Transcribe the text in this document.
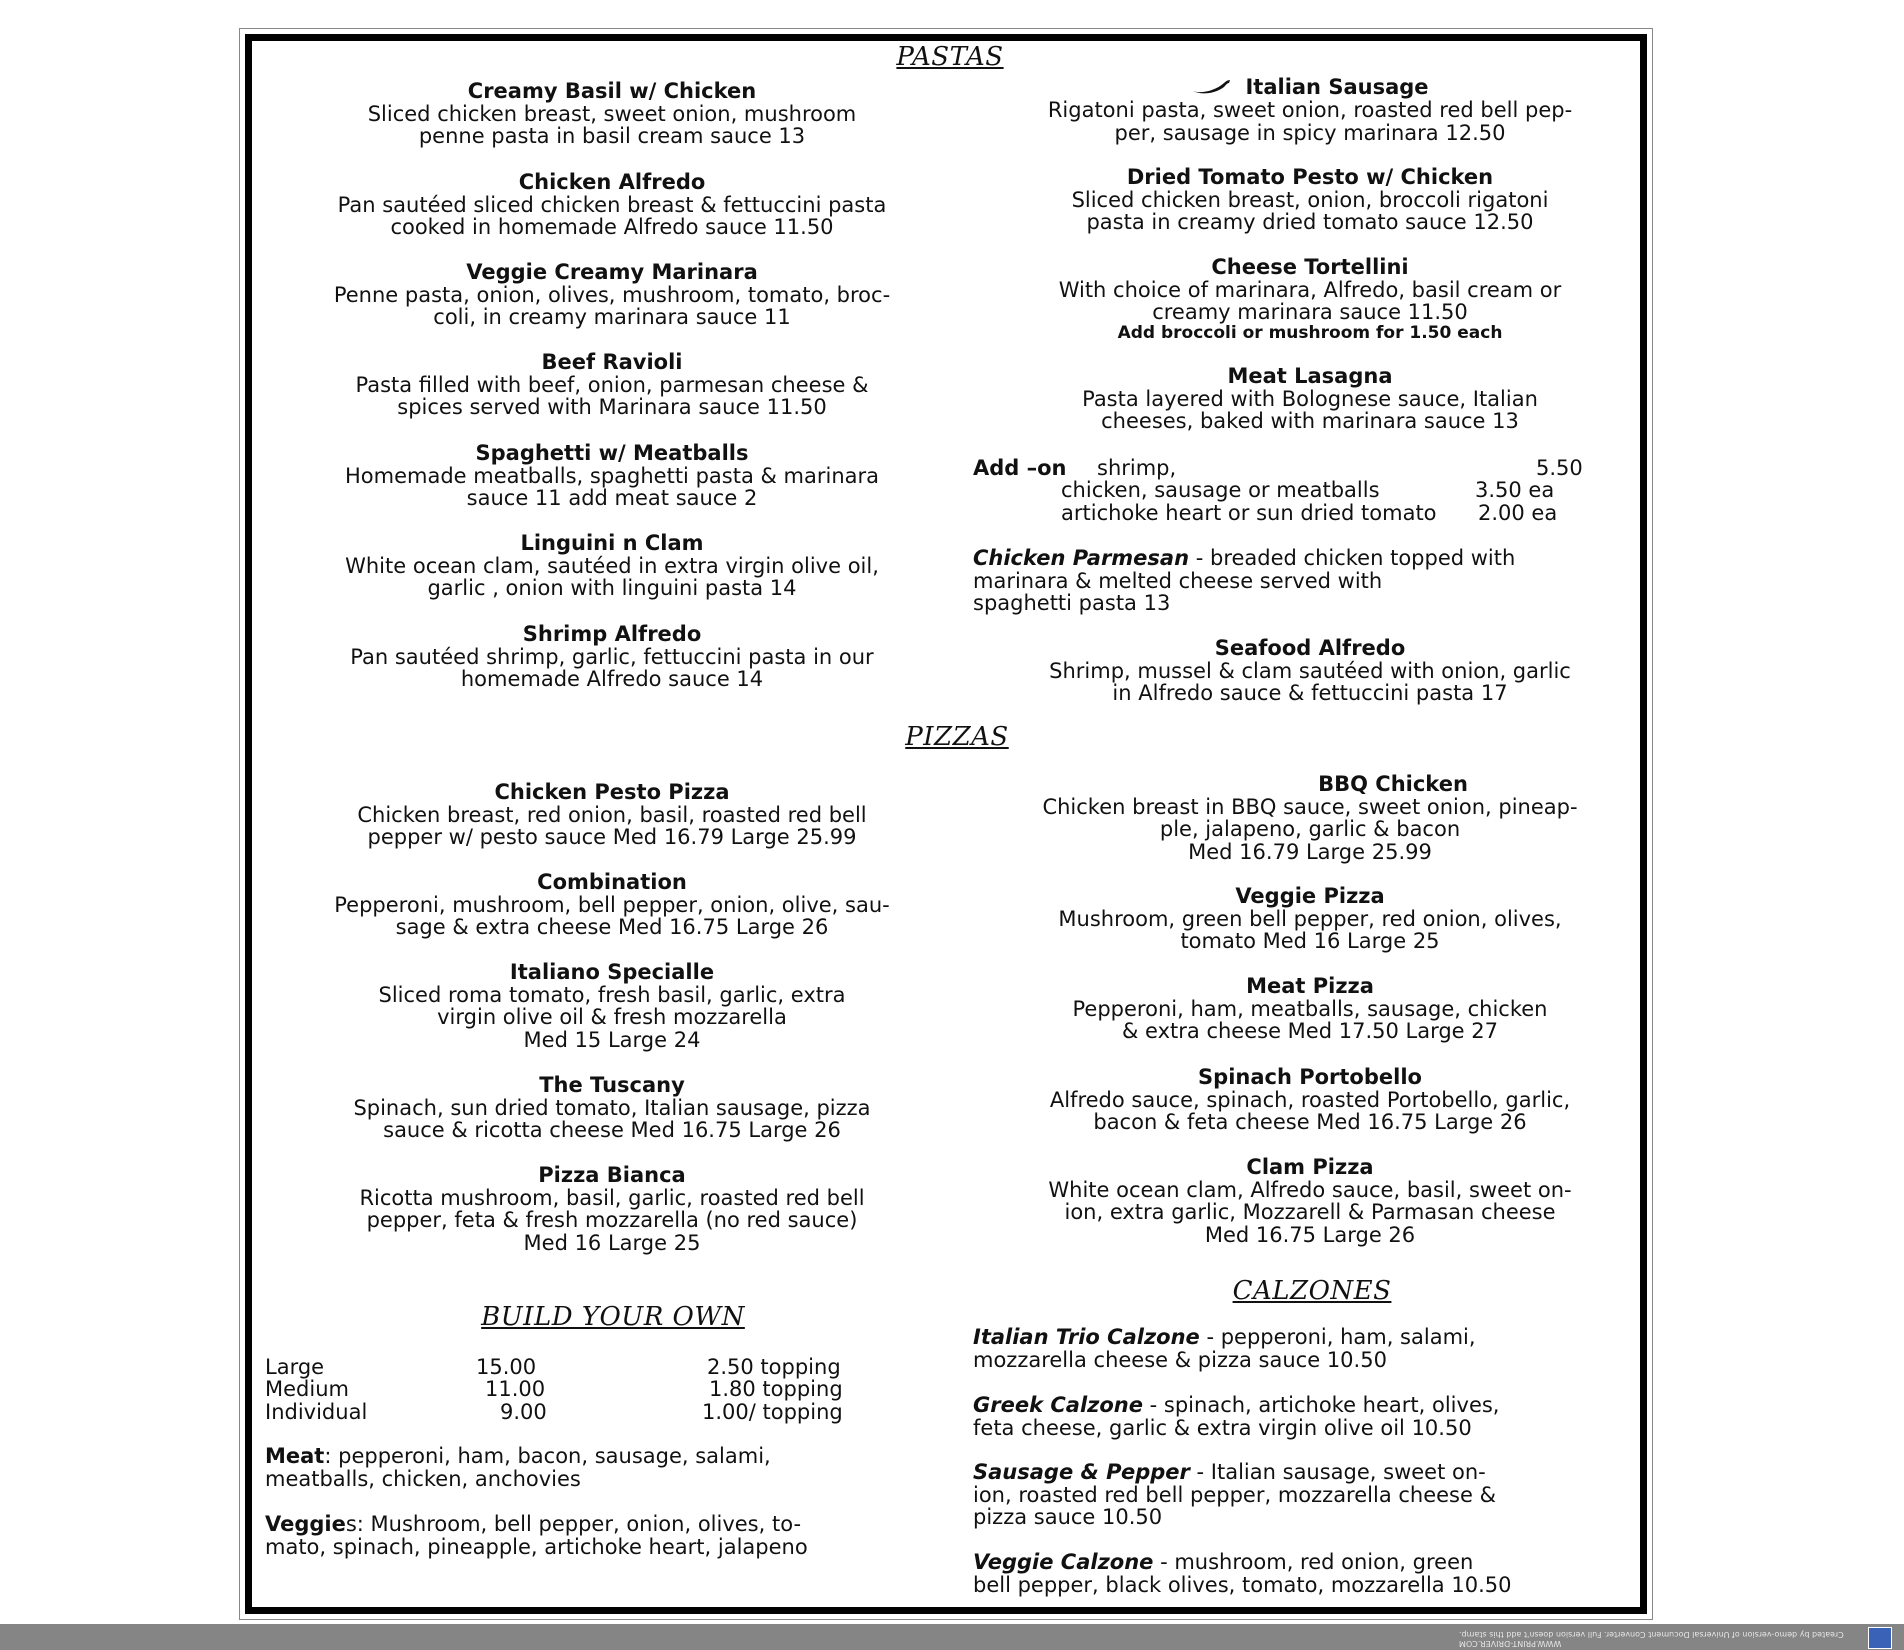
PASTAS
PIZZAS
CALZONES
BUILD YOUR OWN
Creamy Basil w/ Chicken
Sliced chicken breast, sweet onion, mushroom
penne pasta in basil cream sauce 13
Chicken Alfredo
Pan sautéed sliced chicken breast & fettuccini pasta
cooked in homemade Alfredo sauce 11.50
Veggie Creamy Marinara
Penne pasta, onion, olives, mushroom, tomato, broc-
coli, in creamy marinara sauce 11
Beef Ravioli
Pasta filled with beef, onion, parmesan cheese &
spices served with Marinara sauce 11.50
Spaghetti w/ Meatballs
Homemade meatballs, spaghetti pasta & marinara
sauce 11 add meat sauce 2
Linguini n Clam
White ocean clam, sautéed in extra virgin olive oil,
garlic , onion with linguini pasta 14
Shrimp Alfredo
Pan sautéed shrimp, garlic, fettuccini pasta in our
homemade Alfredo sauce 14
Italian Sausage
Rigatoni pasta, sweet onion, roasted red bell pep-
per, sausage in spicy marinara 12.50
Dried Tomato Pesto w/ Chicken
Sliced chicken breast, onion, broccoli rigatoni
pasta in creamy dried tomato sauce 12.50
Cheese Tortellini
With choice of marinara, Alfredo, basil cream or
creamy marinara sauce 11.50
Add broccoli or mushroom for 1.50 each
Meat Lasagna
Pasta layered with Bolognese sauce, Italian
cheeses, baked with marinara sauce 13
Add –on shrimp,	5.50
chicken, sausage or meatballs	3.50 ea
artichoke heart or sun dried tomato 2.00 ea
Chicken Parmesan - breaded chicken topped with
marinara & melted cheese served with
spaghetti pasta 13
Seafood Alfredo
Shrimp, mussel & clam sautéed with onion, garlic
in Alfredo sauce & fettuccini pasta 17
Chicken Pesto Pizza
Chicken breast, red onion, basil, roasted red bell
pepper w/ pesto sauce Med 16.79 Large 25.99
Combination
Pepperoni, mushroom, bell pepper, onion, olive, sau-
sage & extra cheese Med 16.75 Large 26
Italiano Specialle
Sliced roma tomato, fresh basil, garlic, extra
virgin olive oil & fresh mozzarella
Med 15 Large 24
The Tuscany
Spinach, sun dried tomato, Italian sausage, pizza
sauce & ricotta cheese Med 16.75 Large 26
Pizza Bianca
Ricotta mushroom, basil, garlic, roasted red bell
pepper, feta & fresh mozzarella (no red sauce)
Med 16 Large 25
BBQ Chicken
Chicken breast in BBQ sauce, sweet onion, pineap-
ple, jalapeno, garlic & bacon
Med 16.79 Large 25.99
Veggie Pizza
Mushroom, green bell pepper, red onion, olives,
tomato Med 16 Large 25
Meat Pizza
Pepperoni, ham, meatballs, sausage, chicken
& extra cheese Med 17.50 Large 27
Spinach Portobello
Alfredo sauce, spinach, roasted Portobello, garlic,
bacon & feta cheese Med 16.75 Large 26
Clam Pizza
White ocean clam, Alfredo sauce, basil, sweet on-
ion, extra garlic, Mozzarell & Parmasan cheese
Med 16.75 Large 26
Large	15.00	2.50 topping
Medium	11.00	1.80 topping
Individual	9.00	1.00/ topping
Meat: pepperoni, ham, bacon, sausage, salami,
meatballs, chicken, anchovies
Veggies: Mushroom, bell pepper, onion, olives, to-
mato, spinach, pineapple, artichoke heart, jalapeno
Italian Trio Calzone - pepperoni, ham, salami,
mozzarella cheese & pizza sauce 10.50
Greek Calzone - spinach, artichoke heart, olives,
feta cheese, garlic & extra virgin olive oil 10.50
Sausage & Pepper - Italian sausage, sweet on-
ion, roasted red bell pepper, mozzarella cheese &
pizza sauce 10.50
Veggie Calzone - mushroom, red onion, green
bell pepper, black olives, tomato, mozzarella 10.50
WWW.PRINT-DRIVER.COM
Created by demo-version of Universal Document Converter. Full version doesn't add this stamp.
